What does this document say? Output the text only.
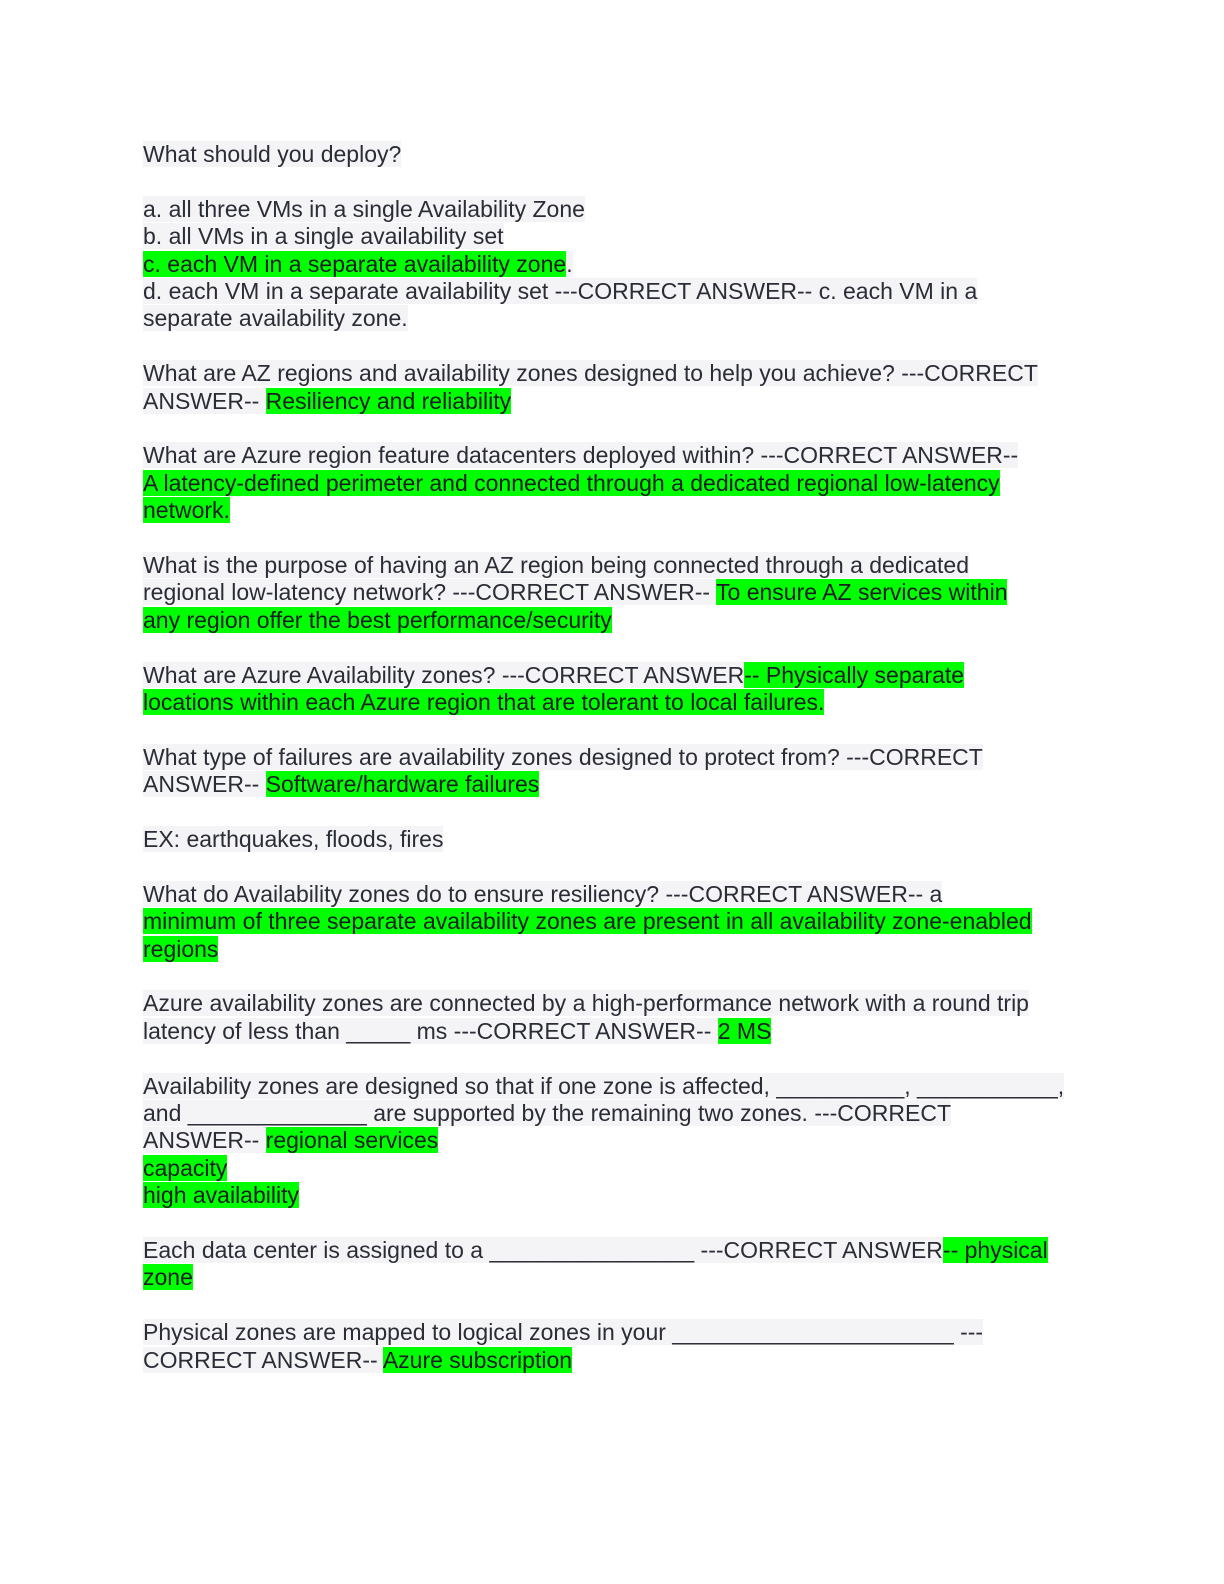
What should you deploy?
a. all three VMs in a single Availability Zone
b. all VMs in a single availability set
c. each VM in a separate availability zone.
d. each VM in a separate availability set ---CORRECT ANSWER-- c. each VM in a
separate availability zone.
What are AZ regions and availability zones designed to help you achieve? ---CORRECT
ANSWER-- Resiliency and reliability
What are Azure region feature datacenters deployed within? ---CORRECT ANSWER--
A latency-defined perimeter and connected through a dedicated regional low-latency
network.
What is the purpose of having an AZ region being connected through a dedicated
regional low-latency network? ---CORRECT ANSWER-- To ensure AZ services within
any region offer the best performance/security
What are Azure Availability zones? ---CORRECT ANSWER-- Physically separate
locations within each Azure region that are tolerant to local failures.
What type of failures are availability zones designed to protect from? ---CORRECT
ANSWER-- Software/hardware failures
EX: earthquakes, floods, fires
What do Availability zones do to ensure resiliency? ---CORRECT ANSWER-- a
minimum of three separate availability zones are present in all availability zone-enabled
regions
Azure availability zones are connected by a high-performance network with a round trip
latency of less than _____ ms ---CORRECT ANSWER-- 2 MS
Availability zones are designed so that if one zone is affected, __________, ___________,
and ______________ are supported by the remaining two zones. ---CORRECT
ANSWER-- regional services
capacity
high availability
Each data center is assigned to a ________________ ---CORRECT ANSWER-- physical
zone
Physical zones are mapped to logical zones in your ______________________ ---
CORRECT ANSWER-- Azure subscription
